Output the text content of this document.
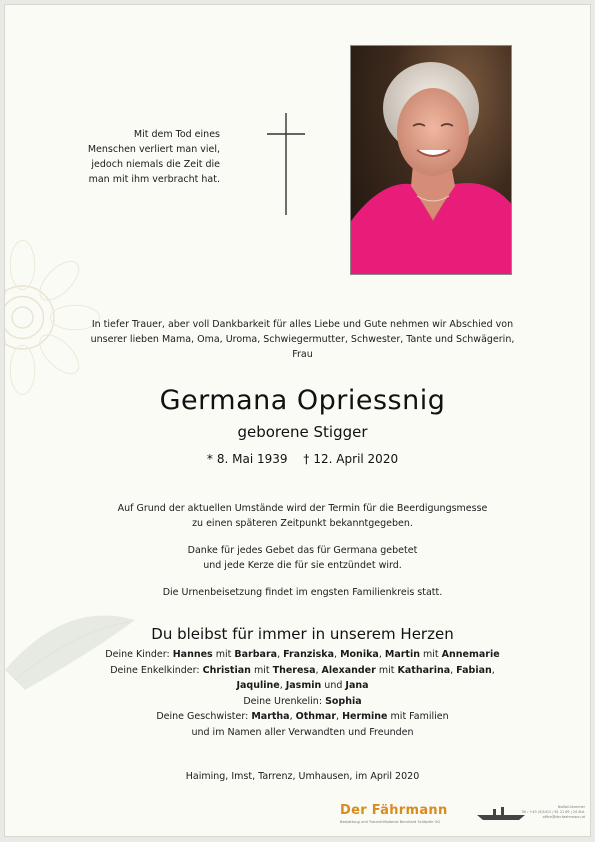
Mit dem Tod eines
Menschen verliert man viel,
jedoch niemals die Zeit die
man mit ihm verbracht hat.
In tiefer Trauer, aber voll Dankbarkeit für alles Liebe und Gute nehmen wir Abschied von
unserer lieben Mama, Oma, Uroma, Schwiegermutter, Schwester, Tante und Schwägerin,
Frau
Germana Opriessnig
geborene Stigger
* 8. Mai 1939 † 12. April 2020
Auf Grund der aktuellen Umstände wird der Termin für die Beerdigungsmesse
zu einen späteren Zeitpunkt bekanntgegeben.
Danke für jedes Gebet das für Germana gebetet
und jede Kerze die für sie entzündet wird.
Die Urnenbeisetzung findet im engsten Familienkreis statt.
Du bleibst für immer in unserem Herzen
Deine Kinder: Hannes mit Barbara, Franziska, Monika, Martin mit Annemarie
Deine Enkelkinder: Christian mit Theresa, Alexander mit Katharina, Fabian,
Jaquline, Jasmin und Jana
Deine Urenkelin: Sophia
Deine Geschwister: Martha, Othmar, Hermine mit Familien
und im Namen aller Verwandten und Freunden
Haiming, Imst, Tarrenz, Umhausen, im April 2020
Der Fährmann
Bestattung und Trauerhilfsdienst Bernhard Schöpfer OG
Notfall-Nummer
Tel.: +43 (0)5412 / 61 21 69 | 24 Std.
office@der-faehrmann.at
